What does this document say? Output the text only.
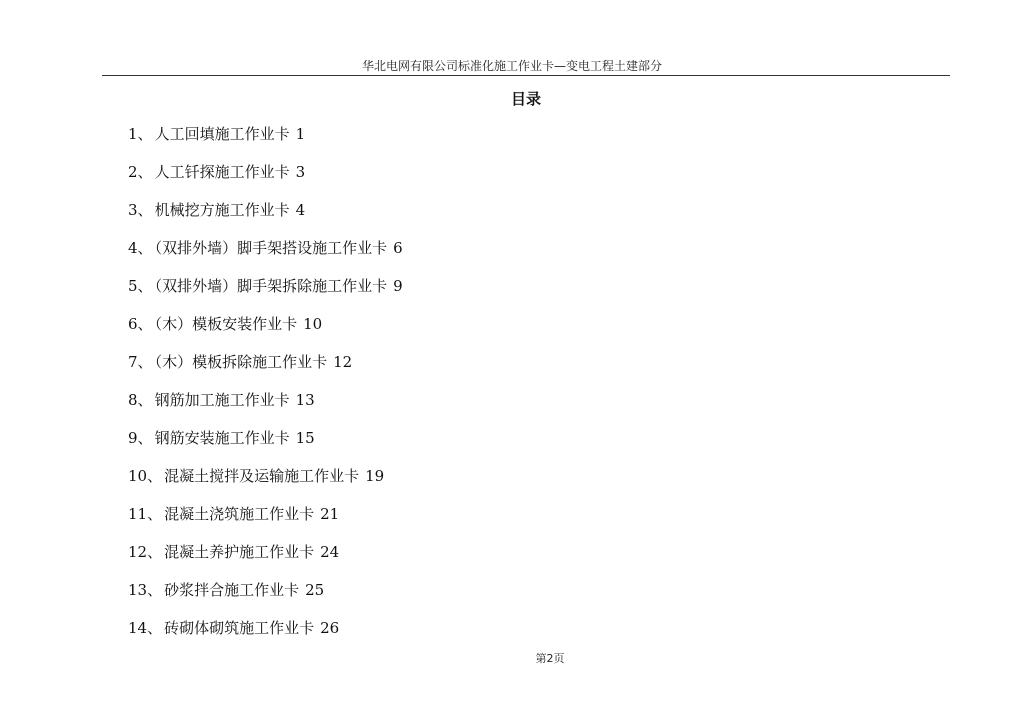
华北电网有限公司标准化施工作业卡—变电工程土建部分
目录
1、 人工回填施工作业卡 1
2、 人工钎探施工作业卡 3
3、 机械挖方施工作业卡 4
4、 （双排外墙）脚手架搭设施工作业卡 6
5、 （双排外墙）脚手架拆除施工作业卡 9
6、 （木）模板安装作业卡 10
7、 （木）模板拆除施工作业卡 12
8、 钢筋加工施工作业卡 13
9、 钢筋安装施工作业卡 15
10、 混凝土搅拌及运输施工作业卡 19
11、 混凝土浇筑施工作业卡 21
12、 混凝土养护施工作业卡 24
13、 砂浆拌合施工作业卡 25
14、 砖砌体砌筑施工作业卡 26
第2页
